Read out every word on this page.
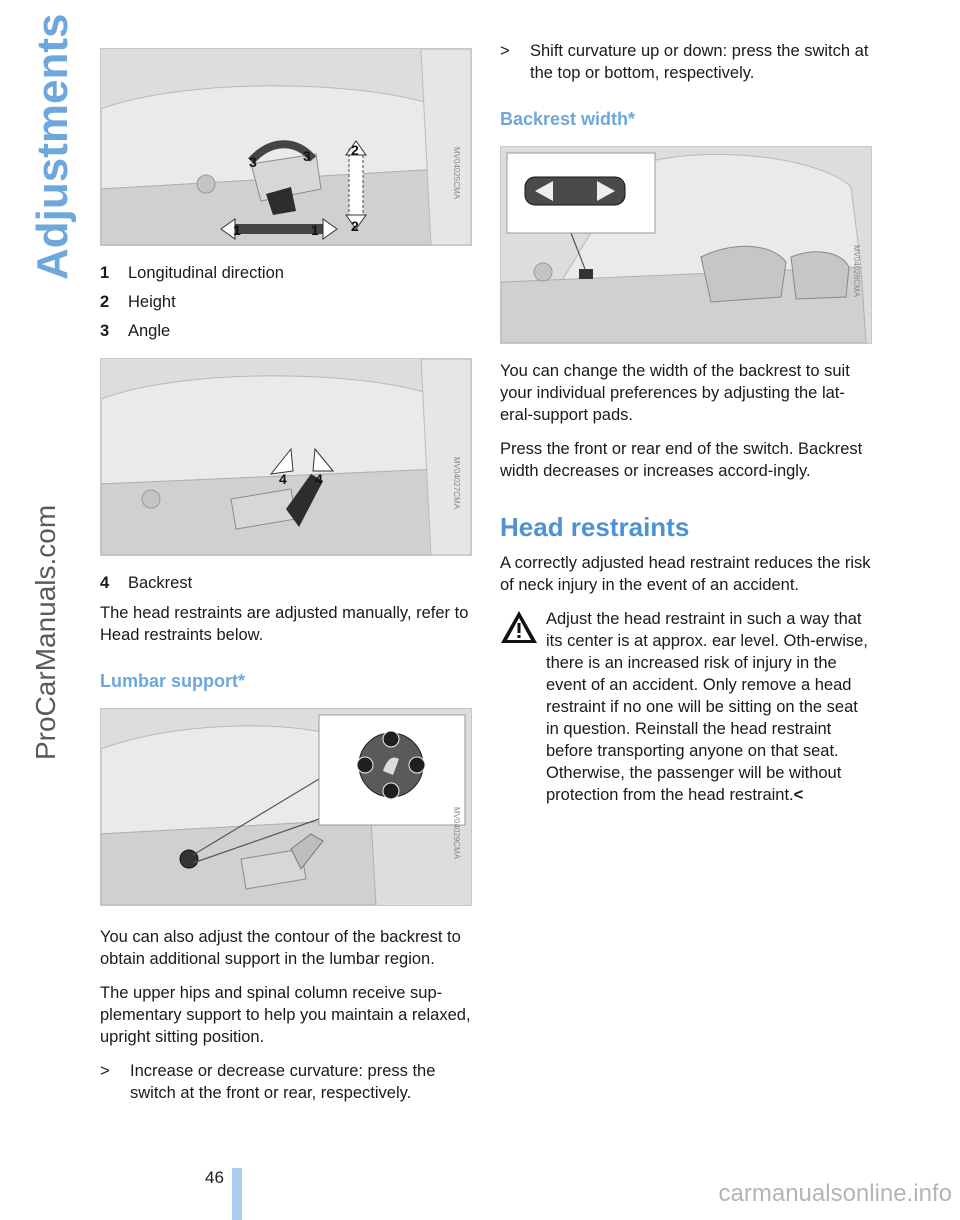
Adjustments
ProCarManuals.com
1	1
2
2
3	3	MV04025CMA
1	Longitudinal direction
2	Height
3	Angle
4 4	MV04027CMA
4	Backrest

The head restraints are adjusted manually, refer to Head restraints below.

Lumbar support*
MV04029CMA

You can also adjust the contour of the backrest to obtain additional support in the lumbar region.

The upper hips and spinal column receive sup-plementary support to help you maintain a relaxed, upright sitting position.

>	Increase or decrease curvature: press the switch at the front or rear, respectively.
>	Shift curvature up or down: press the switch at the top or bottom, respectively.
Backrest width*
MV04028CMA

You can change the width of the backrest to suit your individual preferences by adjusting the lat-eral-support pads.

Press the front or rear end of the switch. Backrest width decreases or increases accord-ingly.

Head restraints

A correctly adjusted head restraint reduces the risk of neck injury in the event of an accident.

Adjust the head restraint in such a way that its center is at approx. ear level. Oth-erwise, there is an increased risk of injury in the event of an accident. Only remove a head restraint if no one will be sitting on the seat in question. Reinstall the head restraint before transporting anyone on that seat. Otherwise, the passenger will be without protection from the head restraint.<
46
carmanualsonline.info
